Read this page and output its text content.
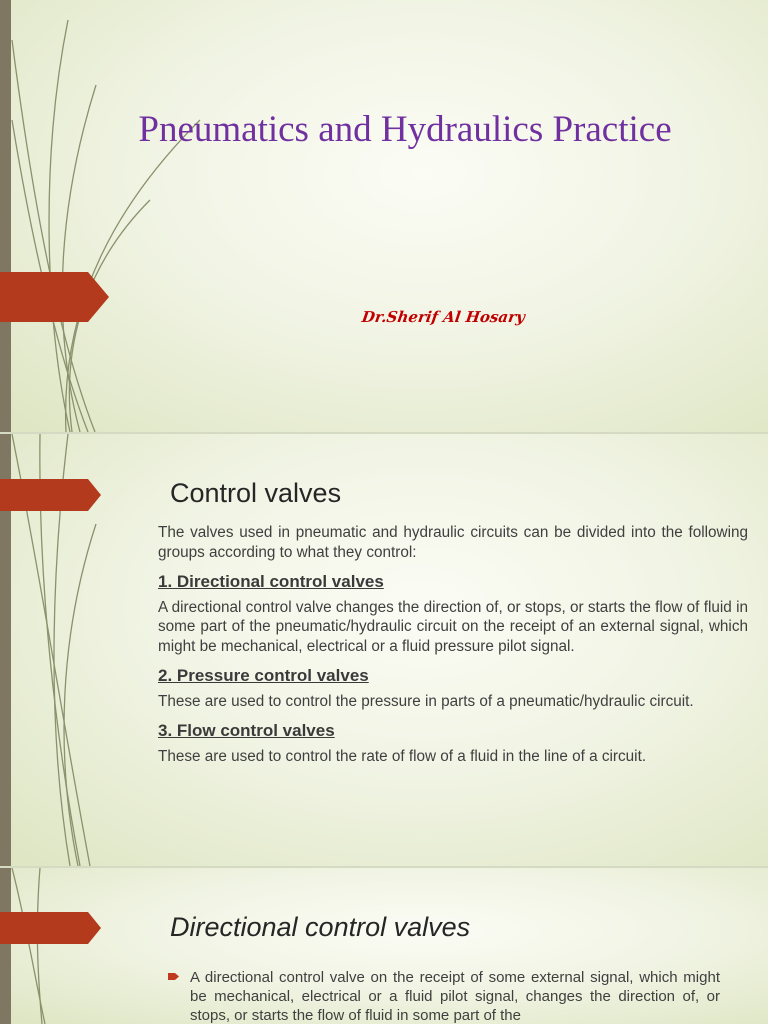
Pneumatics and Hydraulics Practice
Dr.Sherif Al Hosary
Control valves

The valves used in pneumatic and hydraulic circuits can be divided into the following groups according to what they control:

1. Directional control valves

A directional control valve changes the direction of, or stops, or starts the flow of fluid in some part of the pneumatic/hydraulic circuit on the receipt of an external signal, which might be mechanical, electrical or a fluid pressure pilot signal.

2. Pressure control valves

These are used to control the pressure in parts of a pneumatic/hydraulic circuit.

3. Flow control valves

These are used to control the rate of flow of a fluid in the line of a circuit.

Directional control valves
A directional control valve on the receipt of some external signal, which might be mechanical, electrical or a fluid pilot signal, changes the direction of, or stops, or starts the flow of fluid in some part of the
